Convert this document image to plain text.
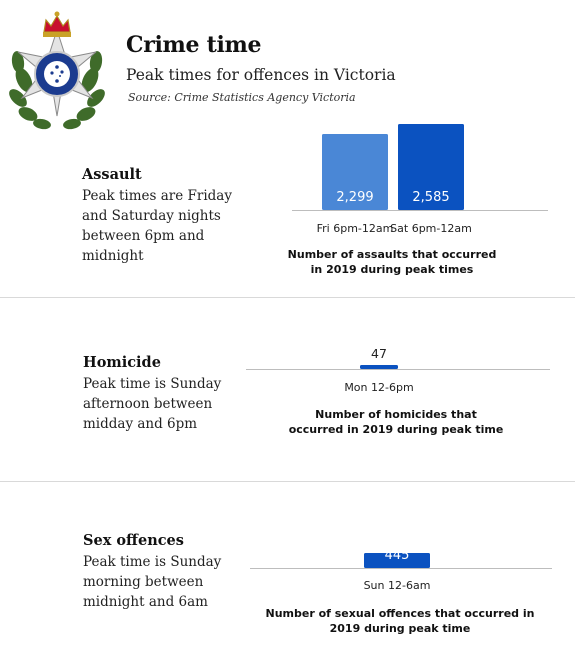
Crime time
Peak times for offences in Victoria
Source: Crime Statistics Agency Victoria
Assault
Peak times are Friday and Saturday nights between 6pm and midnight
2,299
Fri 6pm-12am
2,585
Sat 6pm-12am
Number of assaults that occurred in 2019 during peak times
Homicide
Peak time is Sunday afternoon between midday and 6pm
47
Mon 12-6pm
Number of homicides that occurred in 2019 during peak time
Sex offences
Peak time is Sunday morning between midnight and 6am
445
Sun 12-6am
Number of sexual offences that occurred in 2019 during peak time
